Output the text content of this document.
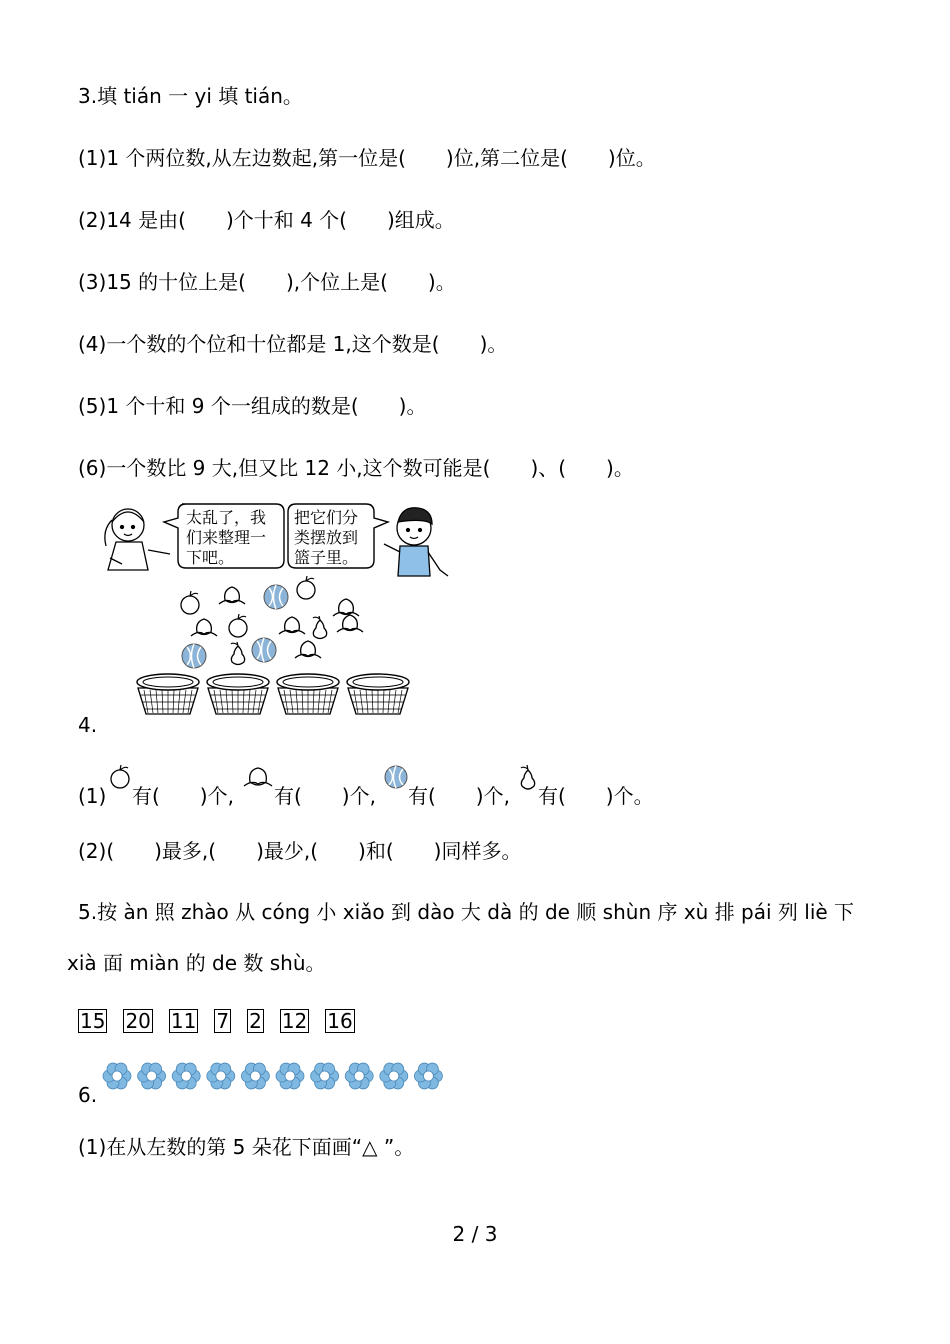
3.填 tián 一 yi 填 tián。
(1)1 个两位数,从左边数起,第一位是(　　)位,第二位是(　　)位。
(2)14 是由(　　)个十和 4 个(　　)组成。
(3)15 的十位上是(　　),个位上是(　　)。
(4)一个数的个位和十位都是 1,这个数是(　　)。
(5)1 个十和 9 个一组成的数是(　　)。
(6)一个数比 9 大,但又比 12 小,这个数可能是(　　)、(　　)。
太乱了，我
们来整理一
下吧。
把它们分
类摆放到
篮子里。
4.
(1) 有(　　)个, 有(　　)个, 有(　　)个, 有(　　)个。
(2)(　　)最多,(　　)最少,(　　)和(　　)同样多。
5.按 àn 照 zhào 从 cóng 小 xiǎo 到 dào 大 dà 的 de 顺 shùn 序 xù 排 pái 列 liè 下
xià 面 miàn 的 de 数 shù。
15 20 11 7 2 12 16
6.
(1)在从左数的第 5 朵花下面画“△ ”。
2 / 3
